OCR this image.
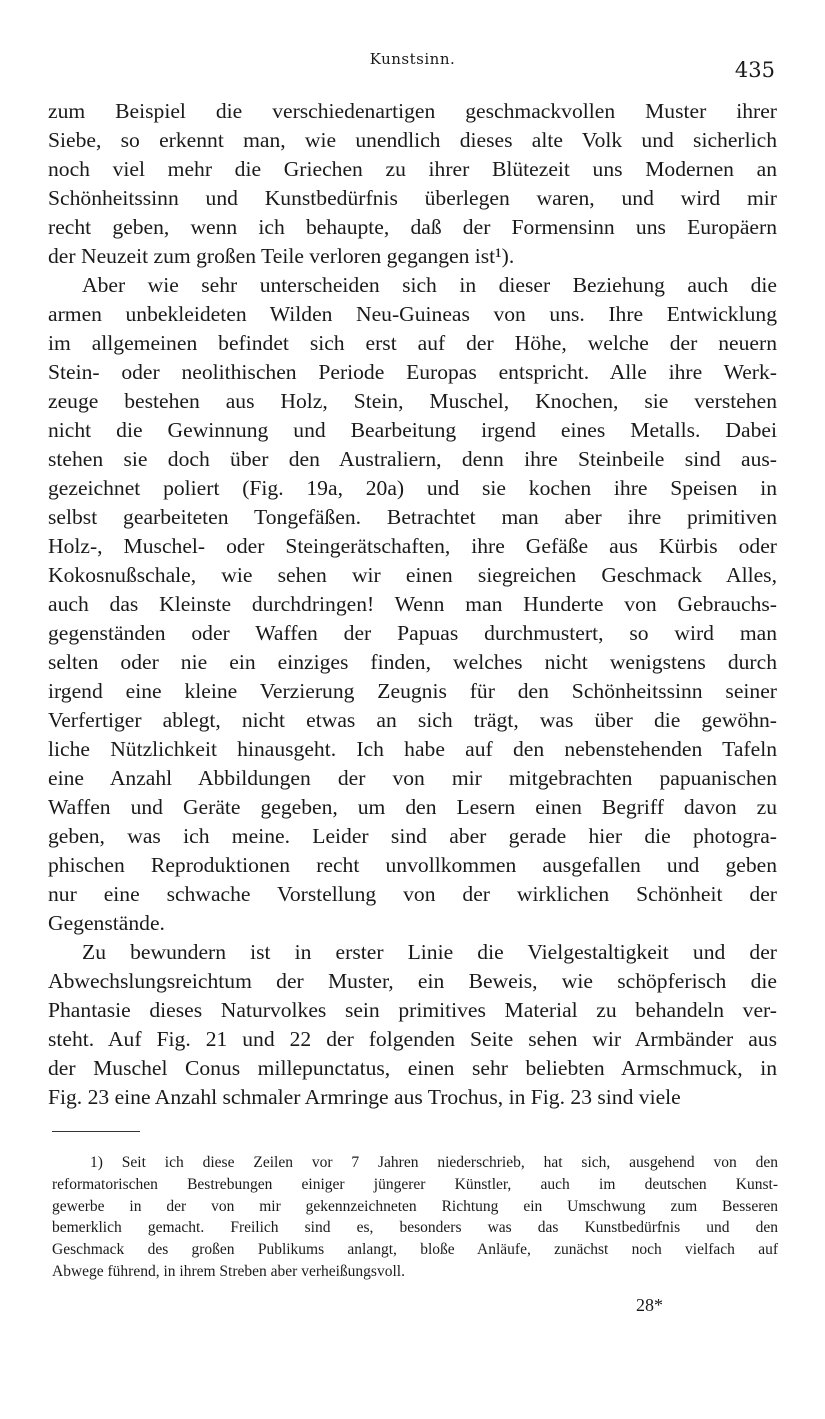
Kunstsinn.	435

zum Beispiel die verschiedenartigen geschmackvollen Muster ihrer
Siebe, so erkennt man, wie unendlich dieses alte Volk und sicherlich
noch viel mehr die Griechen zu ihrer Blütezeit uns Modernen an
Schönheitssinn und Kunstbedürfnis überlegen waren, und wird mir
recht geben, wenn ich behaupte, daß der Formensinn uns Europäern
der Neuzeit zum großen Teile verloren gegangen ist¹).

Aber wie sehr unterscheiden sich in dieser Beziehung auch die
armen unbekleideten Wilden Neu-Guineas von uns. Ihre Entwicklung
im allgemeinen befindet sich erst auf der Höhe, welche der neuern
Stein- oder neolithischen Periode Europas entspricht. Alle ihre Werk-
zeuge bestehen aus Holz, Stein, Muschel, Knochen, sie verstehen
nicht die Gewinnung und Bearbeitung irgend eines Metalls. Dabei
stehen sie doch über den Australiern, denn ihre Steinbeile sind aus-
gezeichnet poliert (Fig. 19a, 20a) und sie kochen ihre Speisen in
selbst gearbeiteten Tongefäßen. Betrachtet man aber ihre primitiven
Holz-, Muschel- oder Steingerätschaften, ihre Gefäße aus Kürbis oder
Kokosnußschale, wie sehen wir einen siegreichen Geschmack Alles,
auch das Kleinste durchdringen! Wenn man Hunderte von Gebrauchs-
gegenständen oder Waffen der Papuas durchmustert, so wird man
selten oder nie ein einziges finden, welches nicht wenigstens durch
irgend eine kleine Verzierung Zeugnis für den Schönheitssinn seiner
Verfertiger ablegt, nicht etwas an sich trägt, was über die gewöhn-
liche Nützlichkeit hinausgeht. Ich habe auf den nebenstehenden Tafeln
eine Anzahl Abbildungen der von mir mitgebrachten papuanischen
Waffen und Geräte gegeben, um den Lesern einen Begriff davon zu
geben, was ich meine. Leider sind aber gerade hier die photogra-
phischen Reproduktionen recht unvollkommen ausgefallen und geben
nur eine schwache Vorstellung von der wirklichen Schönheit der
Gegenstände.

Zu bewundern ist in erster Linie die Vielgestaltigkeit und der
Abwechslungsreichtum der Muster, ein Beweis, wie schöpferisch die
Phantasie dieses Naturvolkes sein primitives Material zu behandeln ver-
steht. Auf Fig. 21 und 22 der folgenden Seite sehen wir Armbänder aus
der Muschel Conus millepunctatus, einen sehr beliebten Armschmuck, in
Fig. 23 eine Anzahl schmaler Armringe aus Trochus, in Fig. 23 sind viele

1) Seit ich diese Zeilen vor 7 Jahren niederschrieb, hat sich, ausgehend von den
reformatorischen Bestrebungen einiger jüngerer Künstler, auch im deutschen Kunst-
gewerbe in der von mir gekennzeichneten Richtung ein Umschwung zum Besseren
bemerklich gemacht. Freilich sind es, besonders was das Kunstbedürfnis und den
Geschmack des großen Publikums anlangt, bloße Anläufe, zunächst noch vielfach auf
Abwege führend, in ihrem Streben aber verheißungsvoll.
28*
